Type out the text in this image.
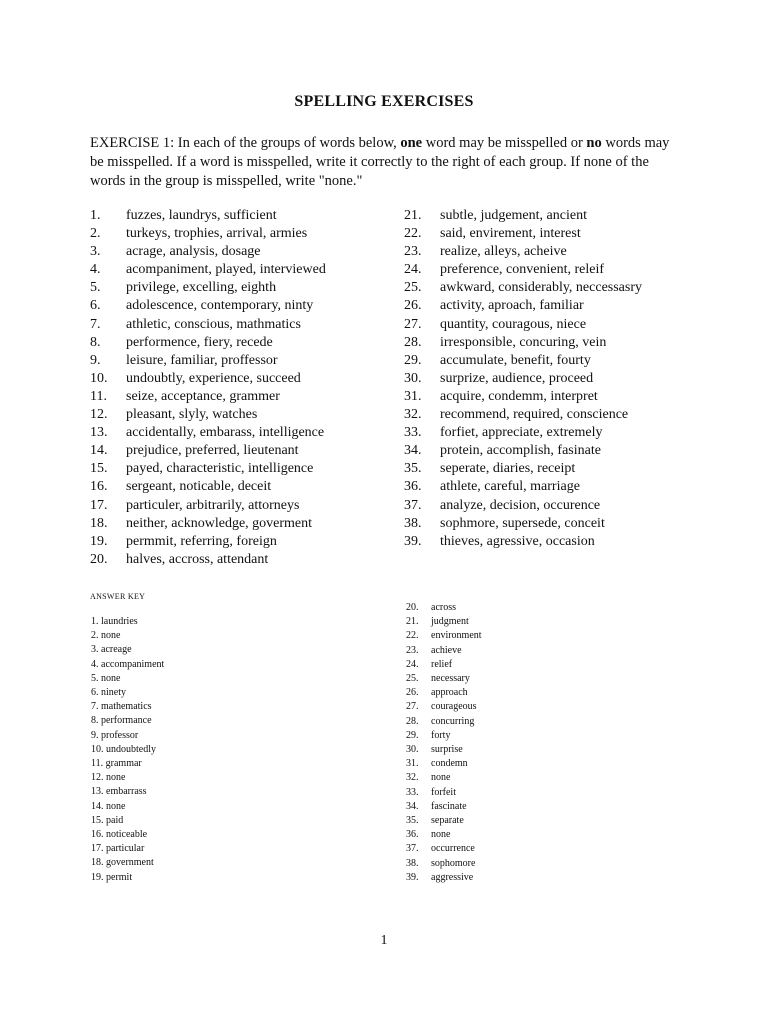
SPELLING EXERCISES
EXERCISE 1: In each of the groups of words below, one word may be misspelled or no words may be misspelled. If a word is misspelled, write it correctly to the right of each group. If none of the words in the group is misspelled, write "none."
1.	fuzzes, laundrys, sufficient
2.	turkeys, trophies, arrival, armies
3.	acrage, analysis, dosage
4.	acompaniment, played, interviewed
5.	privilege, excelling, eighth
6.	adolescence, contemporary, ninty
7.	athletic, conscious, mathmatics
8.	performence, fiery, recede
9.	leisure, familiar, proffessor
10.	undoubtly, experience, succeed
11.	seize, acceptance, grammer
12.	pleasant, slyly, watches
13.	accidentally, embarass, intelligence
14.	prejudice, preferred, lieutenant
15.	payed, characteristic, intelligence
16.	sergeant, noticable, deceit
17.	particuler, arbitrarily, attorneys
18.	neither, acknowledge, goverment
19.	permmit, referring, foreign
20.	halves, accross, attendant
21.	subtle, judgement, ancient
22.	said, envirement, interest
23.	realize, alleys, acheive
24.	preference, convenient, releif
25.	awkward, considerably, neccessasry
26.	activity, aproach, familiar
27.	quantity, couragous, niece
28.	irresponsible, concuring, vein
29.	accumulate, benefit, fourty
30.	surprize, audience, proceed
31.	acquire, condemm, interpret
32.	recommend, required, conscience
33.	forfiet, appreciate, extremely
34.	protein, accomplish, fasinate
35.	seperate, diaries, receipt
36.	athlete, careful, marriage
37.	analyze, decision, occurence
38.	sophmore, supersede, conceit
39.	thieves, agressive, occasion
ANSWER KEY
1. laundries
2. none
3. acreage
4. accompaniment
5. none
6. ninety
7. mathematics
8. performance
9. professor
10. undoubtedly
11. grammar
12. none
13. embarrass
14. none
15. paid
16. noticeable
17. particular
18. government
19. permit
20. across
21. judgment
22. environment
23. achieve
24. relief
25. necessary
26. approach
27. courageous
28. concurring
29. forty
30. surprise
31. condemn
32. none
33. forfeit
34. fascinate
35. separate
36. none
37. occurrence
38. sophomore
39. aggressive
1
